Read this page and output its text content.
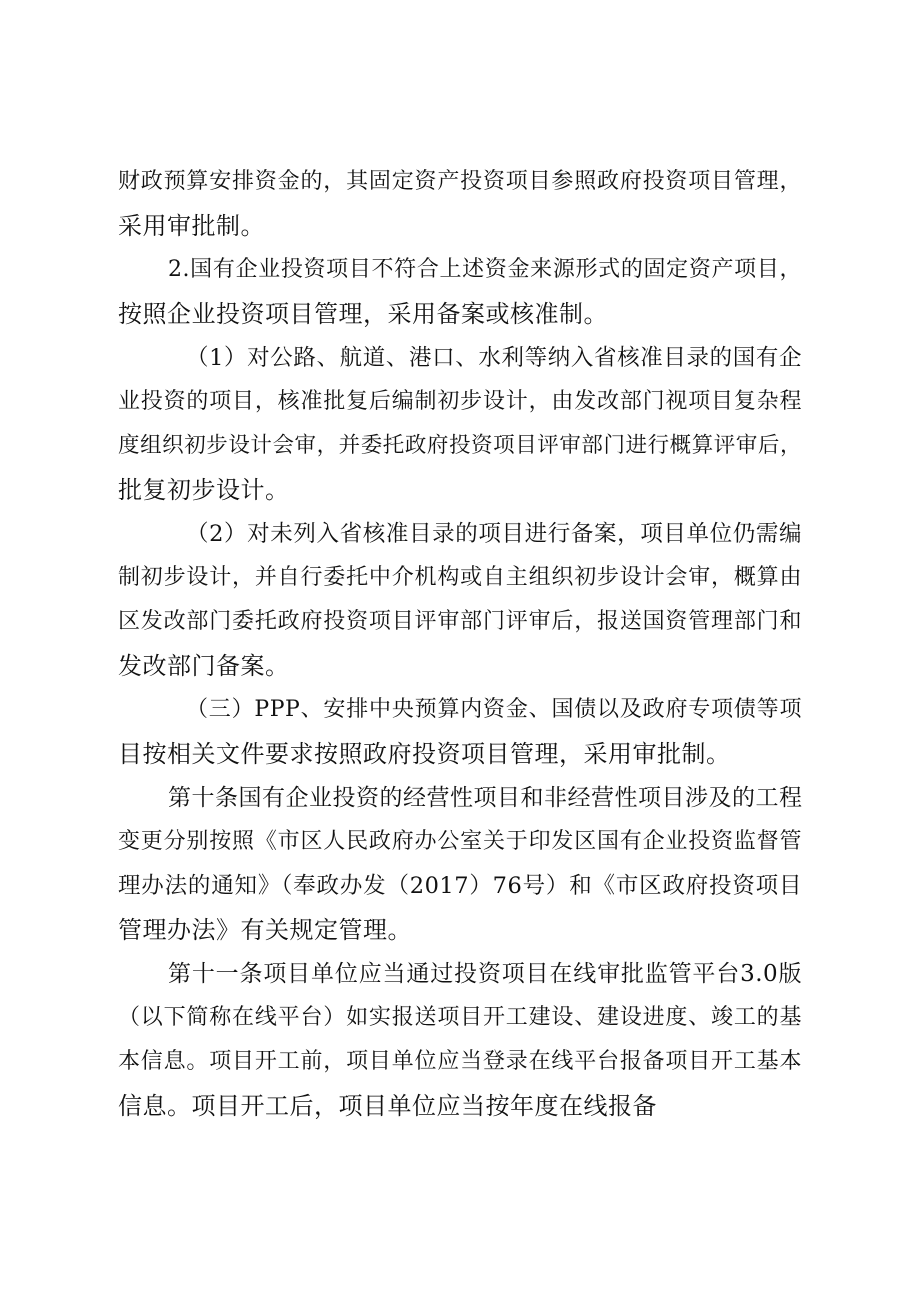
财政预算安排资金的，其固定资产投资项目参照政府投资项目管理，
采用审批制。
2.国有企业投资项目不符合上述资金来源形式的固定资产项目，
按照企业投资项目管理，采用备案或核准制。
（1）对公路、航道、港口、水利等纳入省核准目录的国有企
业投资的项目，核准批复后编制初步设计，由发改部门视项目复杂程
度组织初步设计会审，并委托政府投资项目评审部门进行概算评审后，
批复初步设计。
（2）对未列入省核准目录的项目进行备案，项目单位仍需编
制初步设计，并自行委托中介机构或自主组织初步设计会审，概算由
区发改部门委托政府投资项目评审部门评审后，报送国资管理部门和
发改部门备案。
（三）PPP、安排中央预算内资金、国债以及政府专项债等项
目按相关文件要求按照政府投资项目管理，采用审批制。
第十条国有企业投资的经营性项目和非经营性项目涉及的工程
变更分别按照《市区人民政府办公室关于印发区国有企业投资监督管
理办法的通知》（奉政办发（2017）76号）和《市区政府投资项目
管理办法》有关规定管理。
第十一条项目单位应当通过投资项目在线审批监管平台3.0版
（以下简称在线平台）如实报送项目开工建设、建设进度、竣工的基
本信息。项目开工前，项目单位应当登录在线平台报备项目开工基本
信息。项目开工后，项目单位应当按年度在线报备
